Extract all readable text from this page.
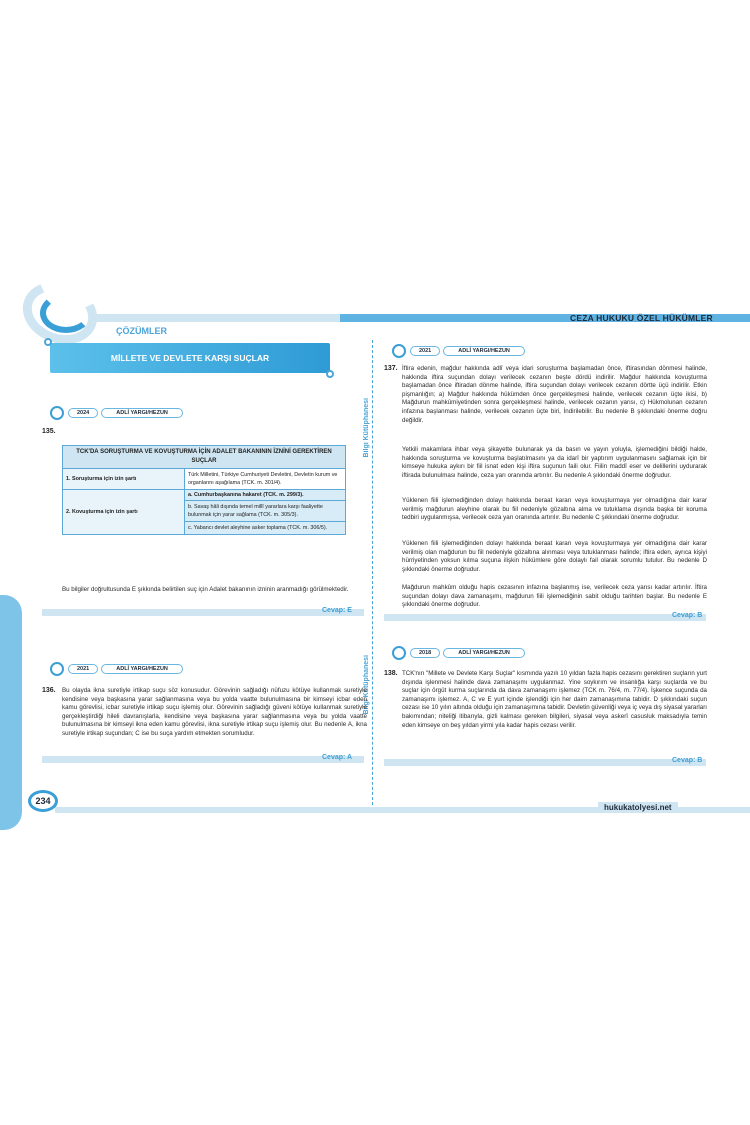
CEZA HUKUKU ÖZEL HÜKÜMLER
ÇÖZÜMLER
Bilgi Kütüphanesi
Bilgi Kütüphanesi
MİLLETE VE DEVLETE KARŞI SUÇLAR
2024	ADLİ YARGI/HEZUN
135.
TCK'DA SORUŞTURMA VE KOVUŞTURMA İÇİN ADALET BAKANININ İZNİNİ GEREKTİREN SUÇLAR	
1. Soruşturma için izin şartı	Türk Milletini, Türkiye Cumhuriyeti Devletini, Devletin kurum ve organlarını aşağılama (TCK. m. 301/4).
2. Kovuşturma için izin şartı	a. Cumhurbaşkanına hakaret (TCK. m. 299/3).
	b. Savaş hâli dışında temel millî yararlara karşı faaliyette bulunmak için yarar sağlama (TCK. m. 305/3).
	c. Yabancı devlet aleyhine asker toplama (TCK. m. 306/5).
Bu bilgiler doğrultusunda E şıkkında belirtilen suç için Adalet bakanının izninin aranmadığı görülmektedir.
Cevap: E
2021	ADLİ YARGI/HEZUN
136. Bu olayda ikna suretiyle irtikap suçu söz konusudur. Görevinin sağladığı nüfuzu kötüye kullanmak suretiyle kendisine veya başkasına yarar sağlanmasına veya bu yolda vaatte bulunulmasına bir kimseyi icbar eden kamu görevlisi, icbar suretiyle irtikap suçu işlemiş olur. Görevinin sağladığı güveni kötüye kullanmak suretiyle gerçekleştirdiği hileli davranışlarla, kendisine veya başkasına yarar sağlanmasına veya bu yolda vaatte bulunulmasına bir kimseyi ikna eden kamu görevlisi, ikna suretiyle irtikap suçu işlemiş olur. Bu nedenle A, ikna suretiyle irtikap suçundan; C ise bu suça yardım etmekten sorumludur.
Cevap: A
2021	ADLİ YARGI/HEZUN
137. İftira edenin, mağdur hakkında adlî veya idari soruşturma başlamadan önce, iftirasından dönmesi halinde, hakkında iftira suçundan dolayı verilecek cezanın beşte dördü indirilir. Mağdur hakkında kovuşturma başlamadan önce iftiradan dönme halinde, iftira suçundan dolayı verilecek cezanın dörtte üçü indirilir. Etkin pişmanlığın; a) Mağdur hakkında hükümden önce gerçekleşmesi halinde, verilecek cezanın üçte ikisi, b) Mağdurun mahkûmiyetinden sonra gerçekleşmesi halinde, verilecek cezanın yarısı, c) Hükmolunan cezanın infazına başlanması halinde, verilecek cezanın üçte biri, İndirilebilir. Bu nedenle B şıkkındaki önerme doğru değildir.
Yetkili makamlara ihbar veya şikayette bulunarak ya da basın ve yayın yoluyla, işlemediğini bildiği halde, hakkında soruşturma ve kovuşturma başlatılmasını ya da idarî bir yaptırım uygulanmasını sağlamak için bir kimseye hukuka aykırı bir fiil isnat eden kişi iftira suçunun faili olur. Fiilin maddî eser ve delillerini uydurarak iftirada bulunulması halinde, ceza yarı oranında artırılır. Bu nedenle A şıkkındaki önerme doğrudur.
Yüklenen fiili işlemediğinden dolayı hakkında beraat kararı veya kovuşturmaya yer olmadığına dair karar verilmiş mağdurun aleyhine olarak bu fiil nedeniyle gözaltına alma ve tutuklama dışında başka bir koruma tedbiri uygulanmışsa, verilecek ceza yarı oranında artırılır. Bu nedenle C şıkkındaki önerme doğrudur.
Yüklenen fiili işlemediğinden dolayı hakkında beraat kararı veya kovuşturmaya yer olmadığına dair karar verilmiş olan mağdurun bu fiil nedeniyle gözaltına alınması veya tutuklanması halinde; iftira eden, ayrıca kişiyi hürriyetinden yoksun kılma suçuna ilişkin hükümlere göre dolaylı fail olarak sorumlu tutulur. Bu nedenle D şıkkındaki önerme doğrudur.
Mağdurun mahkûm olduğu hapis cezasının infazına başlanmış ise, verilecek ceza yarısı kadar artırılır. İftira suçundan dolayı dava zamanaşımı, mağdurun fiili işlemediğinin sabit olduğu tarihten başlar. Bu nedenle E şıkkındaki önerme doğrudur.
Cevap: B
2018	ADLİ YARGI/HEZUN
138. TCK'nın "Millete ve Devlete Karşı Suçlar" kısmında yazılı 10 yıldan fazla hapis cezasını gerektiren suçların yurt dışında işlenmesi halinde dava zamanaşımı uygulanmaz. Yine soykırım ve insanlığa karşı suçlarda ve bu suçlar için örgüt kurma suçlarında da dava zamanaşımı işlemez (TCK m. 76/4, m. 77/4). İşkence suçunda da zamanaşımı işlemez. A, C ve E yurt içinde işlendiği için her daim zamanaşımına tabidir. D şıkkındaki suçun cezası ise 10 yılın altında olduğu için zamanaşımına tabidir. Devletin güvenliği veya iç veya dış siyasal yararları bakımından; niteliği itibarıyla, gizli kalması gereken bilgileri, siyasal veya askerî casusluk maksadıyla temin eden kimseye on beş yıldan yirmi yıla kadar hapis cezası verilir.
Cevap: B
234
hukukatolyesi.net
